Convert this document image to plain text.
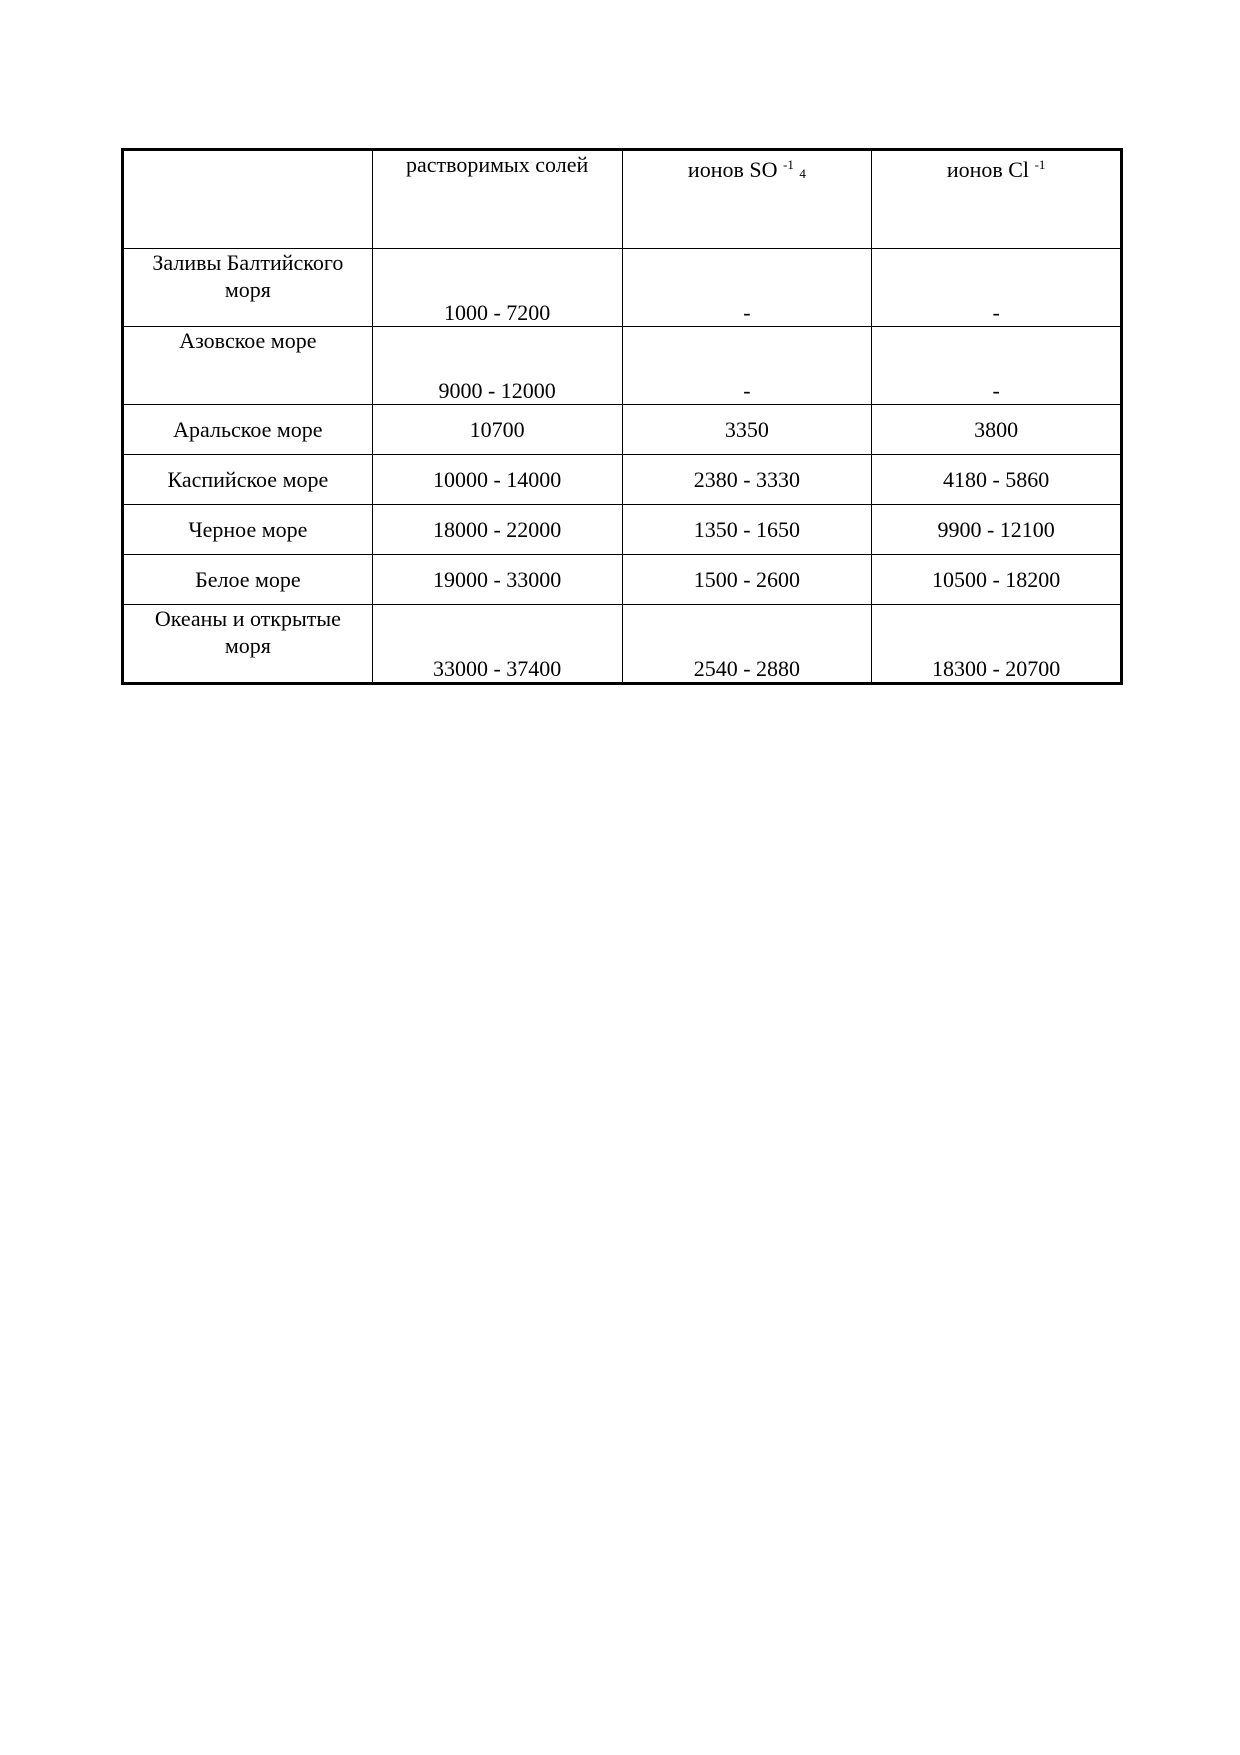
	растворимых солей	ионов SO $^{-1}$ $_4$	ионов Cl $^{-1}$
Заливы Балтийского моря	1000 - 7200	-	-
Азовское море	9000 - 12000	-	-
Аральское море	10700	3350	3800
Каспийское море	10000 - 14000	2380 - 3330	4180 - 5860
Черное море	18000 - 22000	1350 - 1650	9900 - 12100
Белое море	19000 - 33000	1500 - 2600	10500 - 18200
Океаны и открытые моря	33000 - 37400	2540 - 2880	18300 - 20700
